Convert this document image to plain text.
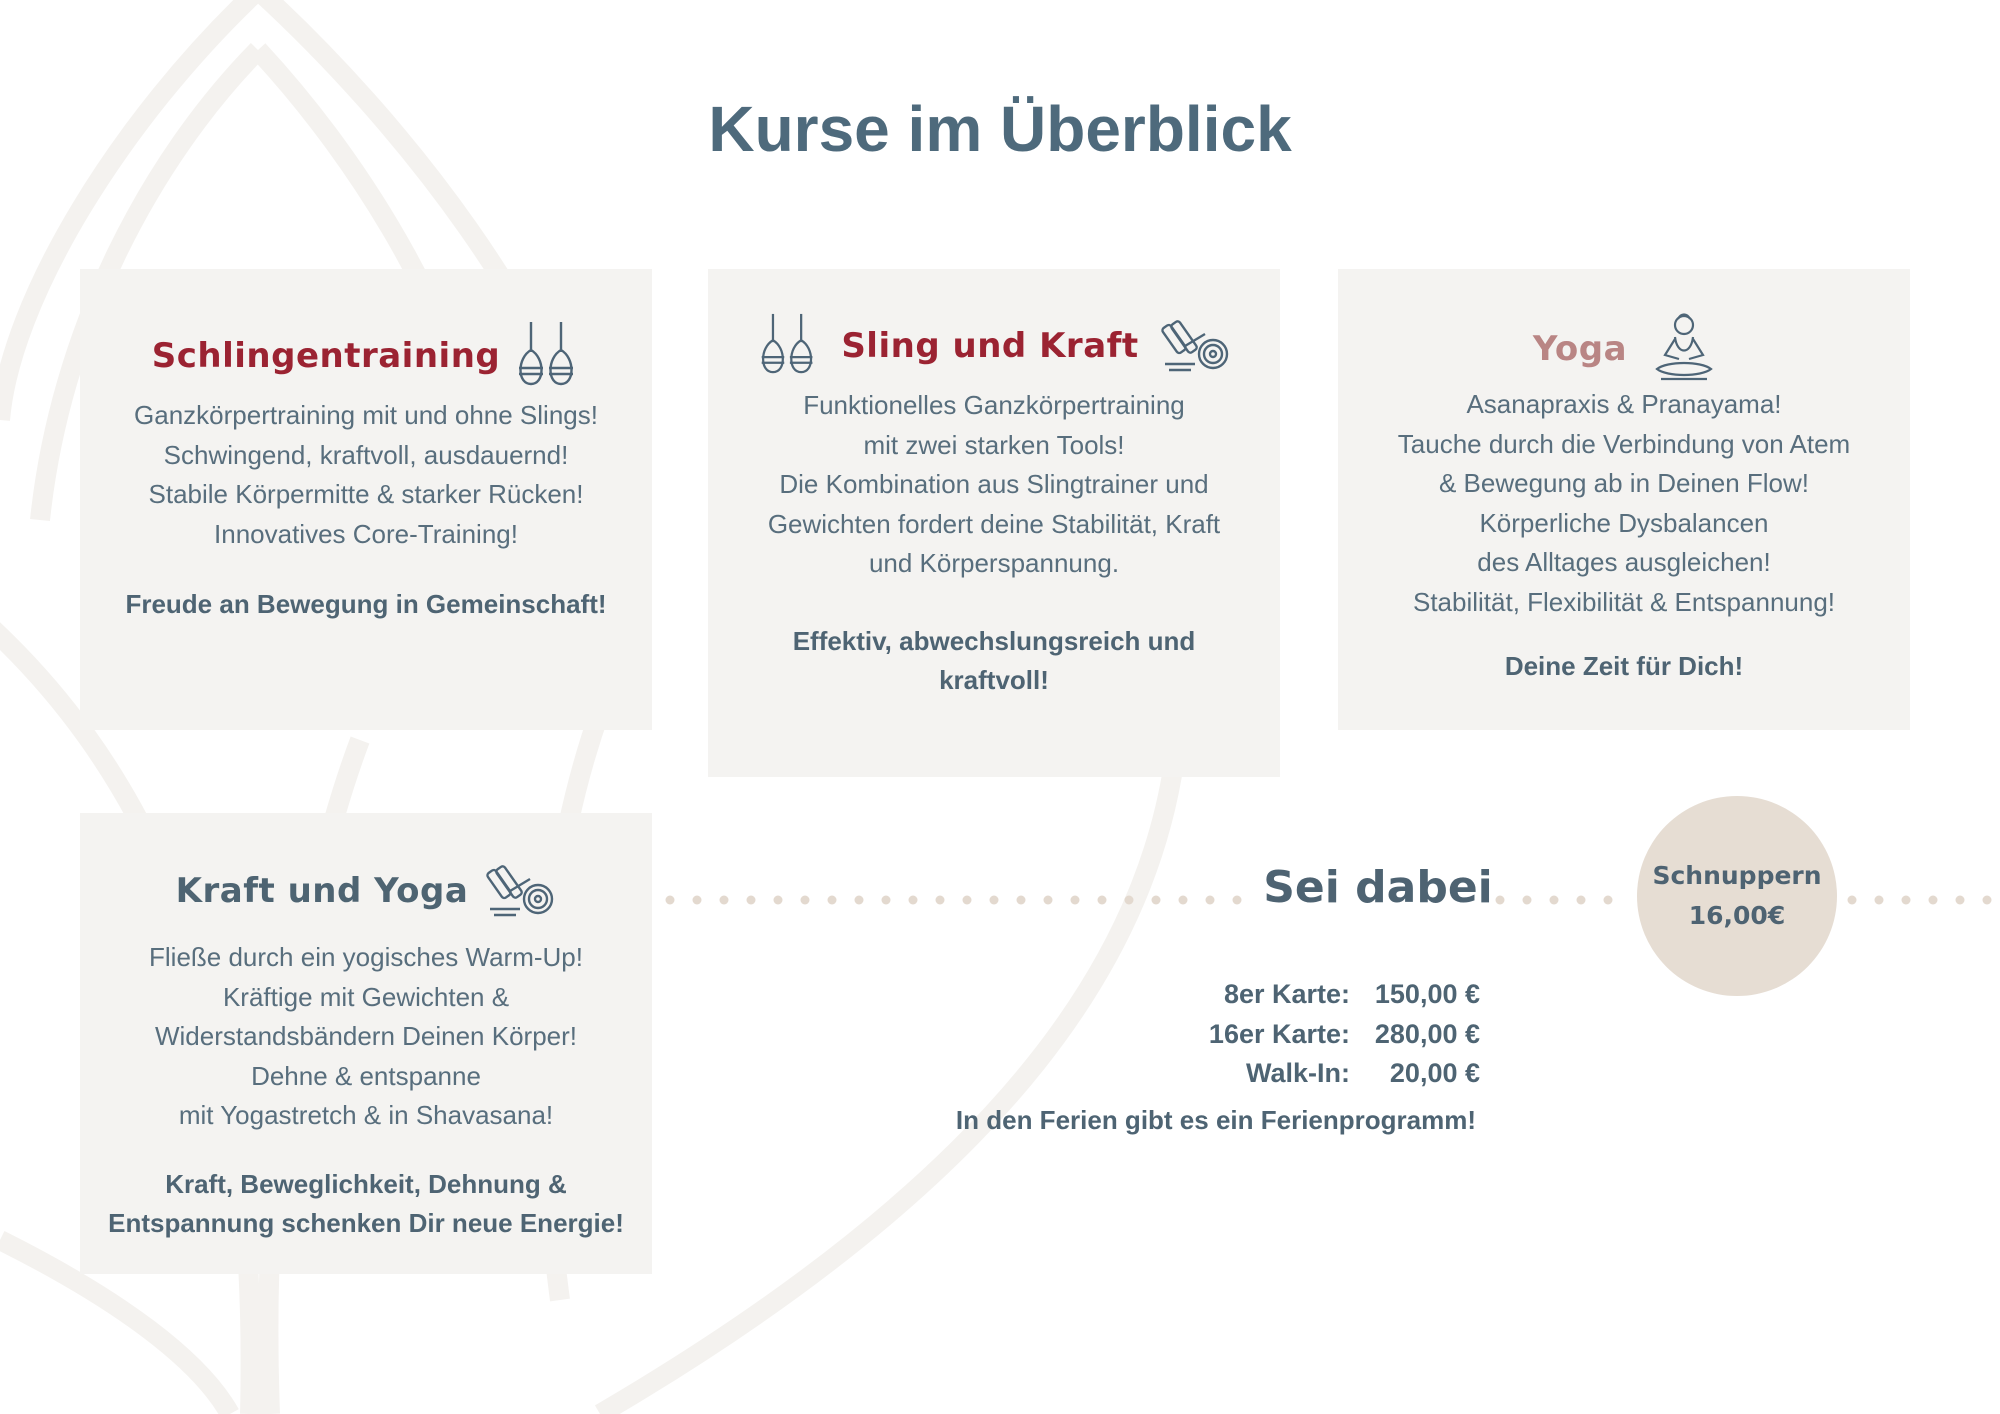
Kurse im Überblick
Schlingentraining
Ganzkörpertraining mit und ohne Slings!
Schwingend, kraftvoll, ausdauernd!
Stabile Körpermitte & starker Rücken!
Innovatives Core-Training!
Freude an Bewegung in Gemeinschaft!
Sling und Kraft
Funktionelles Ganzkörpertraining
mit zwei starken Tools!
Die Kombination aus Slingtrainer und
Gewichten fordert deine Stabilität, Kraft
und Körperspannung.
Effektiv, abwechslungsreich und
kraftvoll!
Yoga
Asanapraxis & Pranayama!
Tauche durch die Verbindung von Atem
& Bewegung ab in Deinen Flow!
Körperliche Dysbalancen
des Alltages ausgleichen!
Stabilität, Flexibilität & Entspannung!
Deine Zeit für Dich!
Kraft und Yoga
Fließe durch ein yogisches Warm-Up!
Kräftige mit Gewichten &
Widerstandsbändern Deinen Körper!
Dehne & entspanne
mit Yogastretch & in Shavasana!
Kraft, Beweglichkeit, Dehnung &
Entspannung schenken Dir neue Energie!
Sei dabei	Schnuppern
16,00€
8er Karte: 150,00 €
16er Karte: 280,00 €
Walk-In:	20,00 €
In den Ferien gibt es ein Ferienprogramm!
